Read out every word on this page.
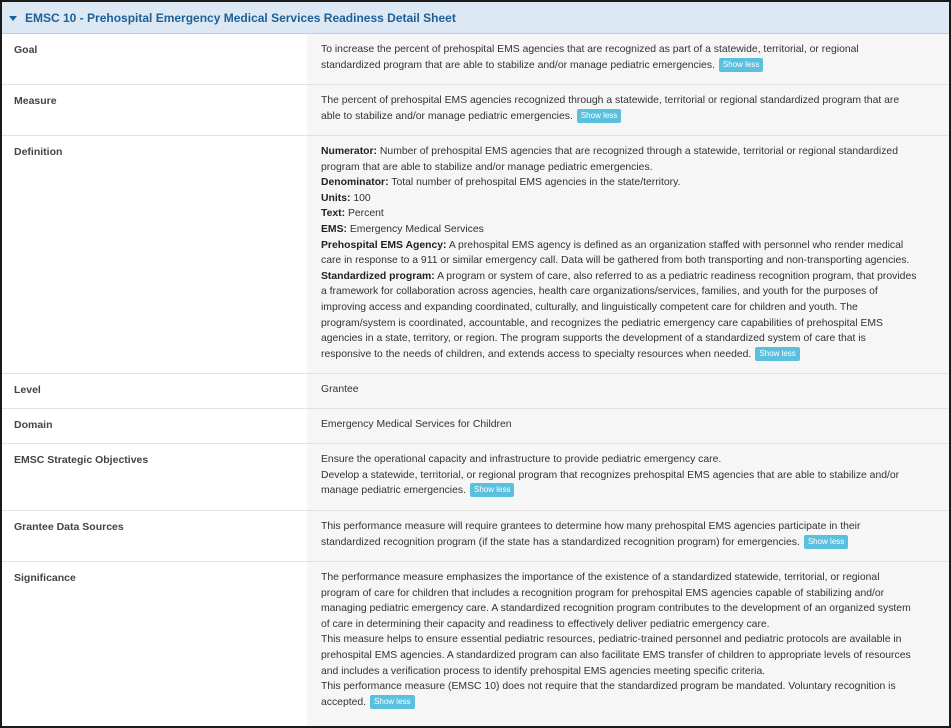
EMSC 10 - Prehospital Emergency Medical Services Readiness Detail Sheet
Goal	To increase the percent of prehospital EMS agencies that are recognized as part of a statewide, territorial, or regional
standardized program that are able to stabilize and/or manage pediatric emergencies. Show less
Measure	The percent of prehospital EMS agencies recognized through a statewide, territorial or regional standardized program that are
able to stabilize and/or manage pediatric emergencies. Show less
Definition	Numerator: Number of prehospital EMS agencies that are recognized through a statewide, territorial or regional standardized
program that are able to stabilize and/or manage pediatric emergencies.
Denominator: Total number of prehospital EMS agencies in the state/territory.
Units: 100
Text: Percent
EMS: Emergency Medical Services
Prehospital EMS Agency: A prehospital EMS agency is defined as an organization staffed with personnel who render medical
care in response to a 911 or similar emergency call. Data will be gathered from both transporting and non-transporting agencies.
Standardized program: A program or system of care, also referred to as a pediatric readiness recognition program, that provides
a framework for collaboration across agencies, health care organizations/services, families, and youth for the purposes of
improving access and expanding coordinated, culturally, and linguistically competent care for children and youth. The
program/system is coordinated, accountable, and recognizes the pediatric emergency care capabilities of prehospital EMS
agencies in a state, territory, or region. The program supports the development of a standardized system of care that is
responsive to the needs of children, and extends access to specialty resources when needed. Show less
Level	Grantee
Domain	Emergency Medical Services for Children
EMSC Strategic Objectives	Ensure the operational capacity and infrastructure to provide pediatric emergency care.
Develop a statewide, territorial, or regional program that recognizes prehospital EMS agencies that are able to stabilize and/or
manage pediatric emergencies. Show less
Grantee Data Sources	This performance measure will require grantees to determine how many prehospital EMS agencies participate in their
standardized recognition program (if the state has a standardized recognition program) for emergencies. Show less
Significance	The performance measure emphasizes the importance of the existence of a standardized statewide, territorial, or regional
program of care for children that includes a recognition program for prehospital EMS agencies capable of stabilizing and/or
managing pediatric emergency care. A standardized recognition program contributes to the development of an organized system
of care in determining their capacity and readiness to effectively deliver pediatric emergency care.
This measure helps to ensure essential pediatric resources, pediatric-trained personnel and pediatric protocols are available in
prehospital EMS agencies. A standardized program can also facilitate EMS transfer of children to appropriate levels of resources
and includes a verification process to identify prehospital EMS agencies meeting specific criteria.
This performance measure (EMSC 10) does not require that the standardized program be mandated. Voluntary recognition is
accepted. Show less
